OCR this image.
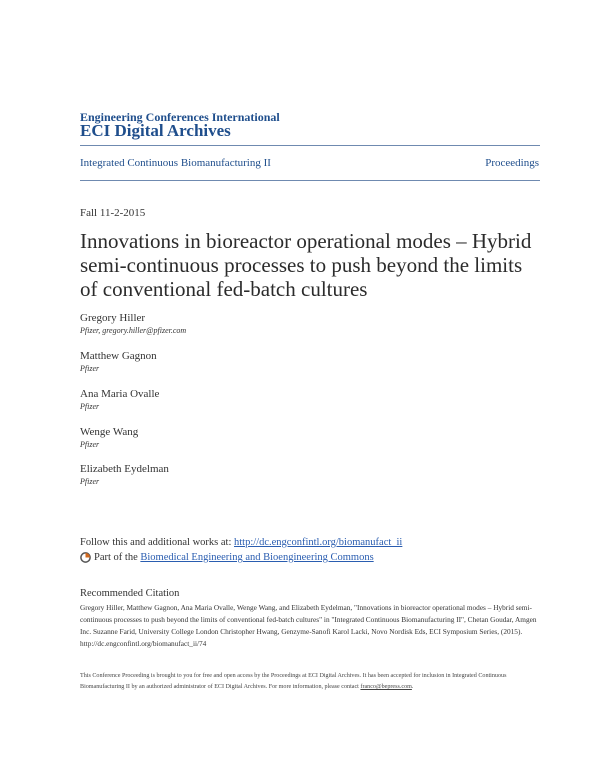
Engineering Conferences International
ECI Digital Archives
Integrated Continuous Biomanufacturing II	Proceedings
Fall 11-2-2015
Innovations in bioreactor operational modes – Hybrid semi-continuous processes to push beyond the limits of conventional fed-batch cultures
Gregory Hiller
Pfizer, gregory.hiller@pfizer.com
Matthew Gagnon
Pfizer
Ana Maria Ovalle
Pfizer
Wenge Wang
Pfizer
Elizabeth Eydelman
Pfizer
Follow this and additional works at: http://dc.engconfintl.org/biomanufact_ii
Part of the
Biomedical Engineering and Bioengineering Commons
Recommended Citation
Gregory Hiller, Matthew Gagnon, Ana Maria Ovalle, Wenge Wang, and Elizabeth Eydelman, "Innovations in bioreactor operational modes – Hybrid semi-continuous processes to push beyond the limits of conventional fed-batch cultures" in "Integrated Continuous Biomanufacturing II", Chetan Goudar, Amgen Inc. Suzanne Farid, University College London Christopher Hwang, Genzyme-Sanofi Karol Lacki, Novo Nordisk Eds, ECI Symposium Series, (2015). http://dc.engconfintl.org/biomanufact_ii/74
This Conference Proceeding is brought to you for free and open access by the Proceedings at ECI Digital Archives. It has been accepted for inclusion in Integrated Continuous Biomanufacturing II by an authorized administrator of ECI Digital Archives. For more information, please contact franco@bepress.com.
